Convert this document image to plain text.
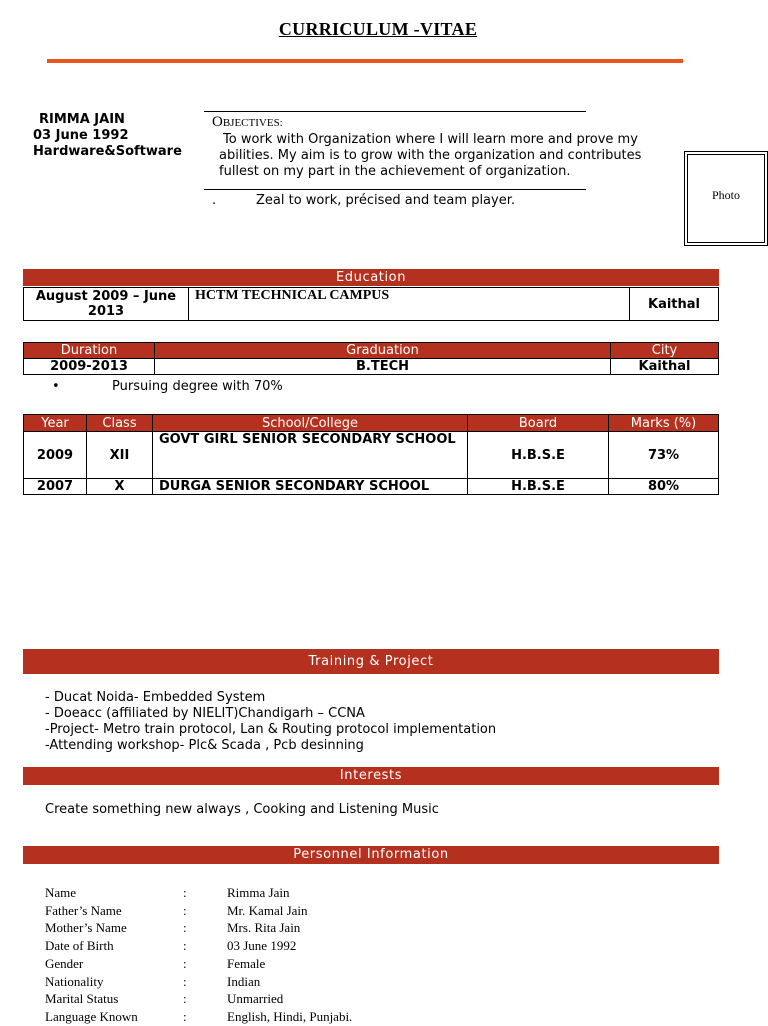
CURRICULUM -VITAE
RIMMA JAIN
03 June 1992
Hardware&Software
OBJECTIVES:
To work with Organization where I will learn more and prove my
abilities. My aim is to grow with the organization and contributes
fullest on my part in the achievement of organization.
.	Zeal to work, précised and team player.	Photo
Education
August 2009 – June 2013	HCTM TECHNICAL CAMPUS	Kaithal
Duration	Graduation	City
2009-2013	B.TECH	Kaithal
•	Pursuing degree with 70%
Year	Class	School/College	Board	Marks (%)
2009	XII	GOVT GIRL SENIOR SECONDARY SCHOOL	H.B.S.E	73%
2007	X	DURGA SENIOR SECONDARY SCHOOL	H.B.S.E	80%
Training & Project
- Ducat Noida- Embedded System
- Doeacc (affiliated by NIELIT)Chandigarh – CCNA
-Project- Metro train protocol, Lan & Routing protocol implementation
-Attending workshop- Plc& Scada , Pcb desinning
Interests
Create something new always , Cooking and Listening Music
Personnel Information
Name	:	Rimma Jain
Father’s Name	:	Mr. Kamal Jain
Mother’s Name	:	Mrs. Rita Jain
Date of Birth	:	03 June 1992
Gender	:	Female
Nationality	:	Indian
Marital Status	:	Unmarried
Language Known	:	English, Hindi, Punjabi.
